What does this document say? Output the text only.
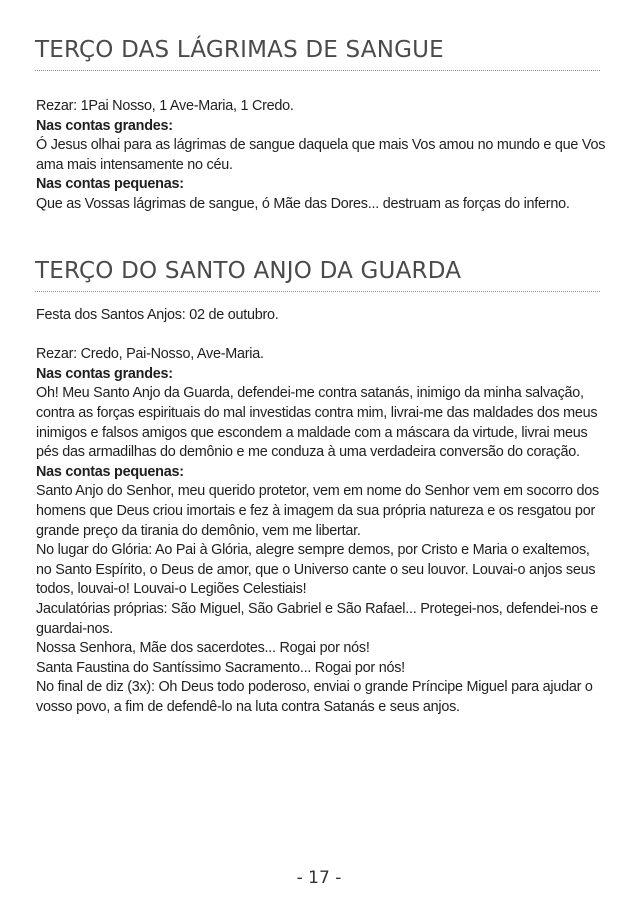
TERÇO DAS LÁGRIMAS DE SANGUE

Rezar: 1Pai Nosso, 1 Ave-Maria, 1 Credo.

Nas contas grandes:

Ó Jesus olhai para as lágrimas de sangue daquela que mais Vos amou no mundo e que Vos ama mais intensamente no céu.

Nas contas pequenas:

Que as Vossas lágrimas de sangue, ó Mãe das Dores... destruam as forças do inferno.

TERÇO DO SANTO ANJO DA GUARDA

Festa dos Santos Anjos: 02 de outubro.

Rezar: Credo, Pai-Nosso, Ave-Maria.

Nas contas grandes:

Oh! Meu Santo Anjo da Guarda, defendei-me contra satanás, inimigo da minha salvação, contra as forças espirituais do mal investidas contra mim, livrai-me das maldades dos meus inimigos e falsos amigos que escondem a maldade com a máscara da virtude, livrai meus pés das armadilhas do demônio e me conduza à uma verdadeira conversão do coração.

Nas contas pequenas:

Santo Anjo do Senhor, meu querido protetor, vem em nome do Senhor vem em socorro dos homens que Deus criou imortais e fez à imagem da sua própria natureza e os resgatou por grande preço da tirania do demônio, vem me libertar.

No lugar do Glória: Ao Pai à Glória, alegre sempre demos, por Cristo e Maria o exaltemos, no Santo Espírito, o Deus de amor, que o Universo cante o seu louvor. Louvai-o anjos seus todos, louvai-o! Louvai-o Legiões Celestiais!

Jaculatórias próprias: São Miguel, São Gabriel e São Rafael... Protegei-nos, defendei-nos e guardai-nos.

Nossa Senhora, Mãe dos sacerdotes... Rogai por nós!

Santa Faustina do Santíssimo Sacramento... Rogai por nós!

No final de diz (3x): Oh Deus todo poderoso, enviai o grande Príncipe Miguel para ajudar o vosso povo, a fim de defendê-lo na luta contra Satanás e seus anjos.

- 17 -
